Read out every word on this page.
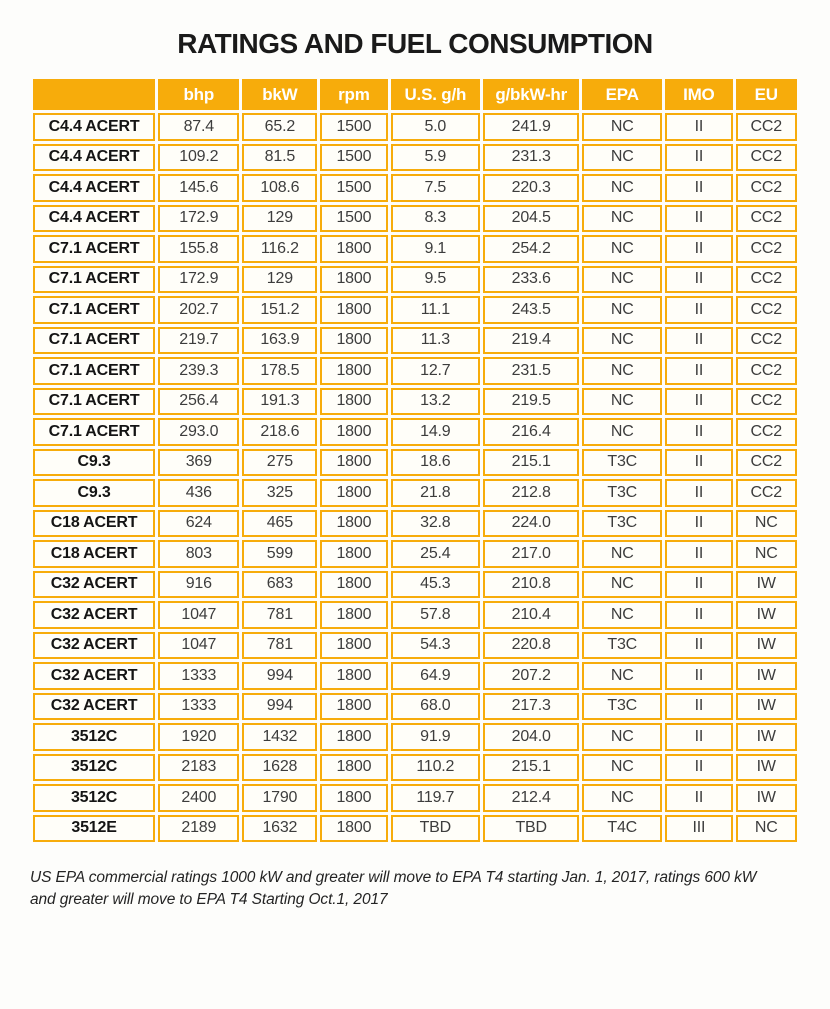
RATINGS AND FUEL CONSUMPTION
	bhp	bkW	rpm	U.S. g/h	g/bkW-hr	EPA	IMO	EU
C4.4 ACERT	87.4	65.2	1500	5.0	241.9	NC	II	CC2
C4.4 ACERT	109.2	81.5	1500	5.9	231.3	NC	II	CC2
C4.4 ACERT	145.6	108.6	1500	7.5	220.3	NC	II	CC2
C4.4 ACERT	172.9	129	1500	8.3	204.5	NC	II	CC2
C7.1 ACERT	155.8	116.2	1800	9.1	254.2	NC	II	CC2
C7.1 ACERT	172.9	129	1800	9.5	233.6	NC	II	CC2
C7.1 ACERT	202.7	151.2	1800	11.1	243.5	NC	II	CC2
C7.1 ACERT	219.7	163.9	1800	11.3	219.4	NC	II	CC2
C7.1 ACERT	239.3	178.5	1800	12.7	231.5	NC	II	CC2
C7.1 ACERT	256.4	191.3	1800	13.2	219.5	NC	II	CC2
C7.1 ACERT	293.0	218.6	1800	14.9	216.4	NC	II	CC2
C9.3	369	275	1800	18.6	215.1	T3C	II	CC2
C9.3	436	325	1800	21.8	212.8	T3C	II	CC2
C18 ACERT	624	465	1800	32.8	224.0	T3C	II	NC
C18 ACERT	803	599	1800	25.4	217.0	NC	II	NC
C32 ACERT	916	683	1800	45.3	210.8	NC	II	IW
C32 ACERT	1047	781	1800	57.8	210.4	NC	II	IW
C32 ACERT	1047	781	1800	54.3	220.8	T3C	II	IW
C32 ACERT	1333	994	1800	64.9	207.2	NC	II	IW
C32 ACERT	1333	994	1800	68.0	217.3	T3C	II	IW
3512C	1920	1432	1800	91.9	204.0	NC	II	IW
3512C	2183	1628	1800	110.2	215.1	NC	II	IW
3512C	2400	1790	1800	119.7	212.4	NC	II	IW
3512E	2189	1632	1800	TBD	TBD	T4C	III	NC

US EPA commercial ratings 1000 kW and greater will move to EPA T4 starting Jan. 1, 2017, ratings 600 kW and greater will move to EPA T4 Starting Oct.1, 2017
